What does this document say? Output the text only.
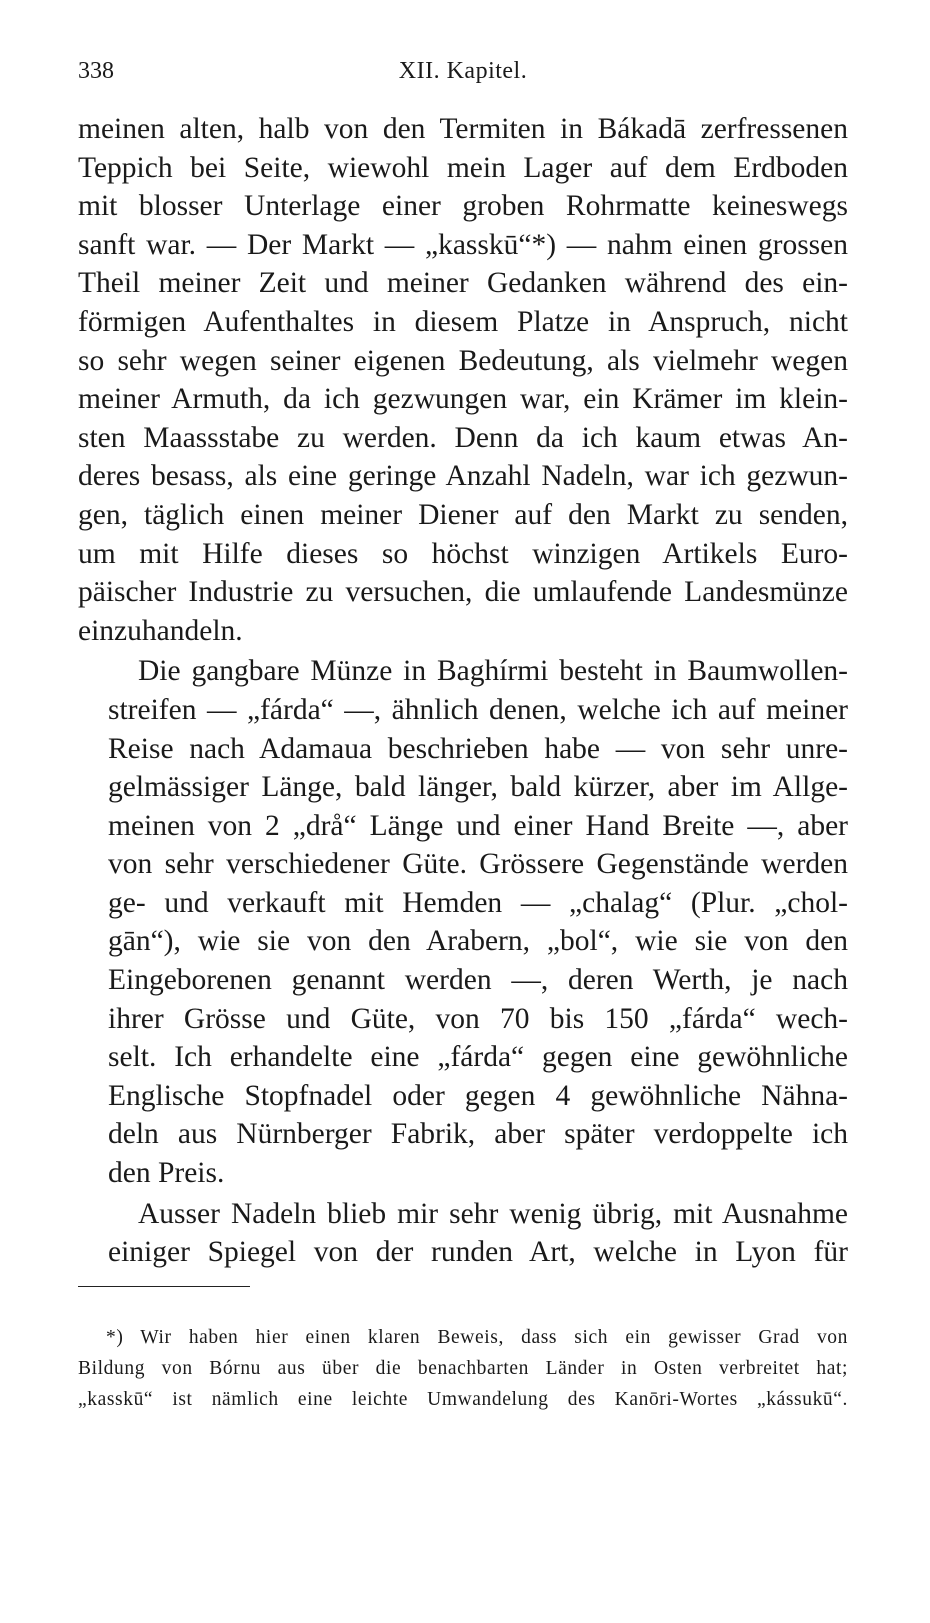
338	XII. Kapitel.

meinen alten, halb von den Termiten in Bákadā zerfressenen
Teppich bei Seite, wiewohl mein Lager auf dem Erdboden
mit blosser Unterlage einer groben Rohrmatte keineswegs
sanft war. — Der Markt — „kasskū“*) — nahm einen grossen
Theil meiner Zeit und meiner Gedanken während des ein-
förmigen Aufenthaltes in diesem Platze in Anspruch, nicht
so sehr wegen seiner eigenen Bedeutung, als vielmehr wegen
meiner Armuth, da ich gezwungen war, ein Krämer im klein-
sten Maassstabe zu werden. Denn da ich kaum etwas An-
deres besass, als eine geringe Anzahl Nadeln, war ich gezwun-
gen, täglich einen meiner Diener auf den Markt zu senden,
um mit Hilfe dieses so höchst winzigen Artikels Euro-
päischer Industrie zu versuchen, die umlaufende Landesmünze
einzuhandeln.

Die gangbare Münze in Baghírmi besteht in Baumwollen-
streifen — „fárda“ —, ähnlich denen, welche ich auf meiner
Reise nach Adamaua beschrieben habe — von sehr unre-
gelmässiger Länge, bald länger, bald kürzer, aber im Allge-
meinen von 2 „drå“ Länge und einer Hand Breite —, aber
von sehr verschiedener Güte. Grössere Gegenstände werden
ge- und verkauft mit Hemden — „chalag“ (Plur. „chol-
gān“), wie sie von den Arabern, „bol“, wie sie von den
Eingeborenen genannt werden —, deren Werth, je nach
ihrer Grösse und Güte, von 70 bis 150 „fárda“ wech-
selt. Ich erhandelte eine „fárda“ gegen eine gewöhnliche
Englische Stopfnadel oder gegen 4 gewöhnliche Nähna-
deln aus Nürnberger Fabrik, aber später verdoppelte ich
den Preis.

Ausser Nadeln blieb mir sehr wenig übrig, mit Ausnahme
einiger Spiegel von der runden Art, welche in Lyon für

*) Wir haben hier einen klaren Beweis, dass sich ein gewisser Grad von
Bildung von Bórnu aus über die benachbarten Länder in Osten verbreitet hat;
„kasskū“ ist nämlich eine leichte Umwandelung des Kanōri-Wortes „kássukū“.
